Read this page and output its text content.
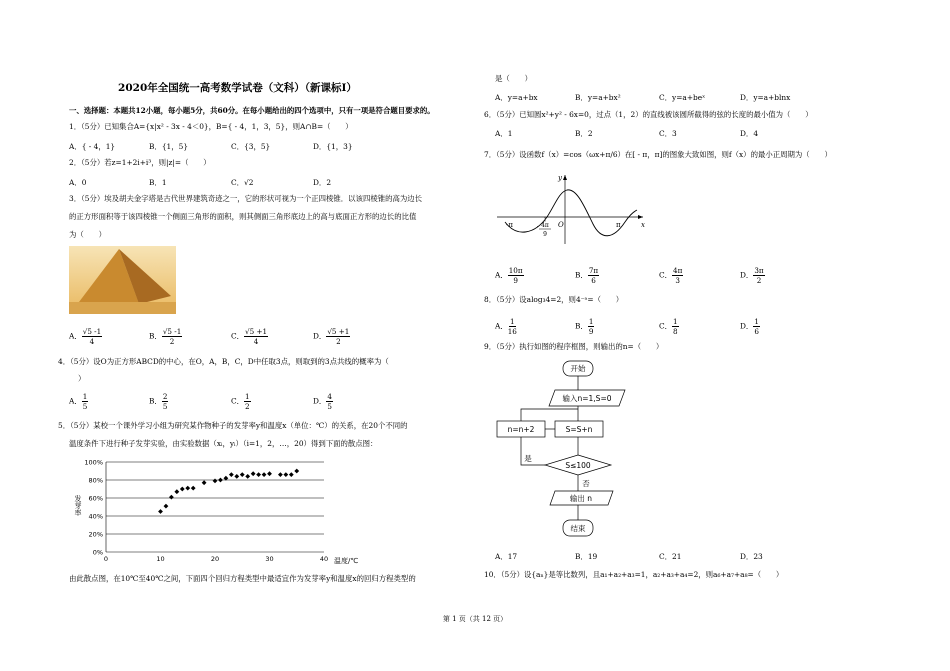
2020年全国统一高考数学试卷（文科）（新课标Ⅰ）
一、选择题：本题共12小题，每小题5分，共60分。在每小题给出的四个选项中，只有一项是符合题目要求的。
1．（5分）已知集合A={x|x² - 3x - 4＜0}，B={ - 4，1，3，5}，则A∩B=（　　）
A．{ - 4，1}	B．{1，5}	C．{3，5}	D．{1，3}
2．（5分）若z=1+2i+i³，则|z|=（　　）
A．0	B．1	C．√2	D．2
3．（5分）埃及胡夫金字塔是古代世界建筑奇迹之一，它的形状可视为一个正四棱锥．以该四棱锥的高为边长
的正方形面积等于该四棱锥一个侧面三角形的面积，则其侧面三角形底边上的高与底面正方形的边长的比值
为（　　）
A． $\frac{√5 -1}{4}$	B． $\frac{√5 -1}{2}$	C． $\frac{√5 +1}{4}$	D． $\frac{√5 +1}{2}$
4．（5分）设O为正方形ABCD的中心，在O，A，B，C，D中任取3点，则取到的3点共线的概率为（
）
A． $\frac{1}{5}$	B． $\frac{2}{5}$	C． $\frac{1}{2}$	D． $\frac{4}{5}$
5．（5分）某校一个课外学习小组为研究某作物种子的发芽率y和温度x（单位：℃）的关系，在20个不同的
温度条件下进行种子发芽实验，由实验数据（xᵢ，yᵢ）（i=1，2，…，20）得到下面的散点图：
0%
20%
40%
60%
80%
100%
0	10	20	30	40
发芽率
温度/℃
由此散点图，在10℃至40℃之间，下面四个回归方程类型中最适宜作为发芽率y和温度x的回归方程类型的
是（　　）
A．y=a+bx	B．y=a+bx²	C．y=a+beˣ	D．y=a+blnx
6．（5分）已知圆x²+y² - 6x=0，过点（1，2）的直线被该圆所截得的弦的长度的最小值为（　　）
A．1	B．2	C．3	D．4
7．（5分）设函数f（x）=cos（ωx+π/6）在[ - π，π]的图象大致如图，则f（x）的最小正周期为（　　）
y
x
O
-π	π
- 4π
9
A． $\frac{10\pi}{9}$	B． $\frac{7\pi}{6}$	C． $\frac{4\pi}{3}$	D． $\frac{3\pi}{2}$
8．（5分）设alog₃4=2，则4⁻ᵃ=（　　）
A． $\frac{1}{16}$	B． $\frac{1}{9}$	C． $\frac{1}{8}$	D． $\frac{1}{6}$
9．（5分）执行如图的程序框图，则输出的n=（　　）
开始
输入n=1,S=0
S=S+n
S≤100
n=n+2
是
否
输出 n
结束
A．17	B．19	C．21	D．23
10．（5分）设{aₙ}是等比数列，且a₁+a₂+a₃=1，a₂+a₃+a₄=2，则a₆+a₇+a₈=（　　）
第 1 页（共 12 页）
